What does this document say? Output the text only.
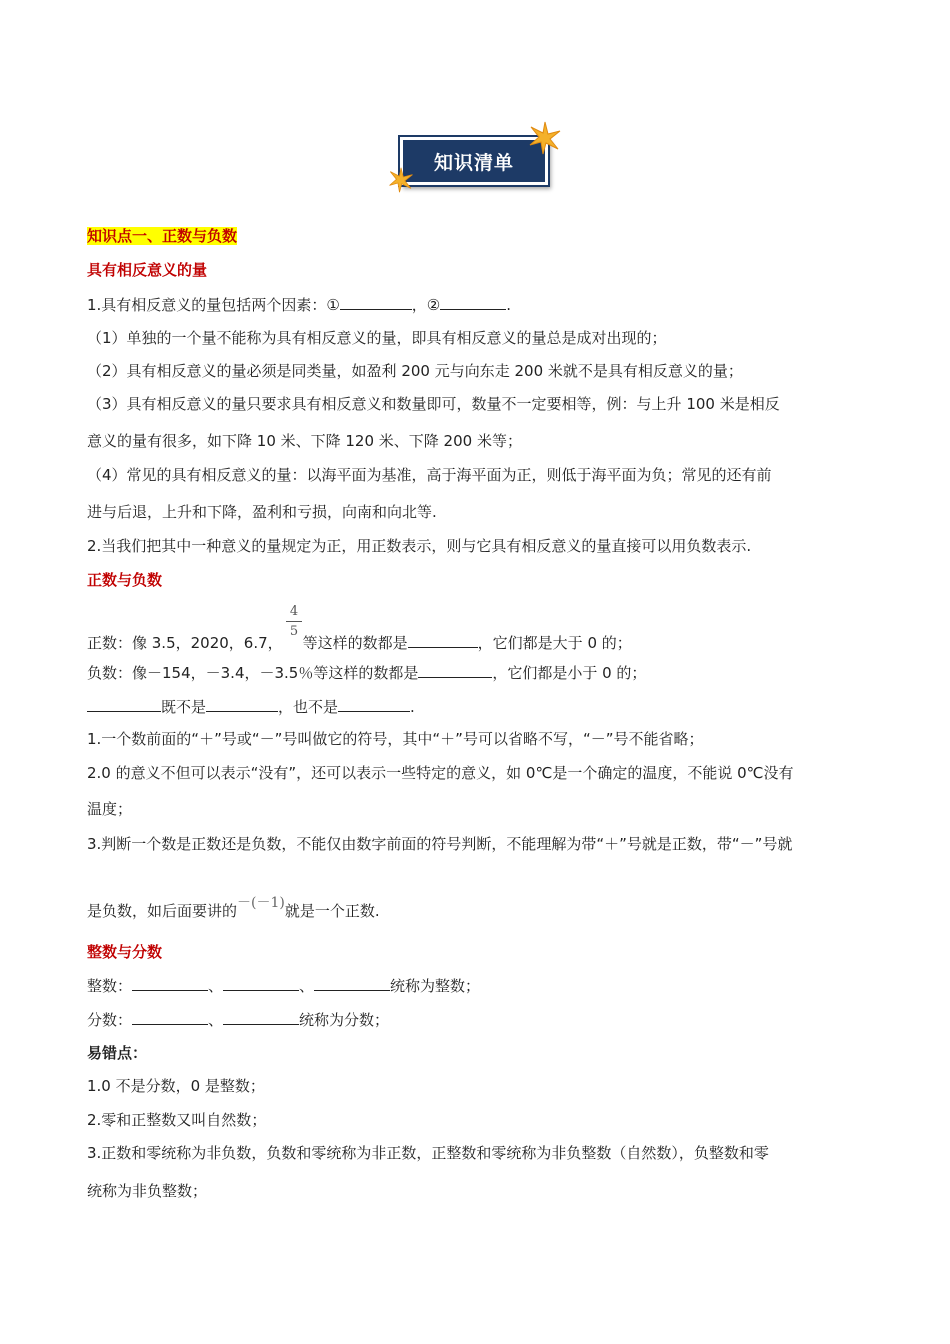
知识清单
知识点一、正数与负数
具有相反意义的量
1.具有相反意义的量包括两个因素：①	，②	.
（1）单独的一个量不能称为具有相反意义的量，即具有相反意义的量总是成对出现的；
（2）具有相反意义的量必须是同类量，如盈利 200 元与向东走 200 米就不是具有相反意义的量；
（3）具有相反意义的量只要求具有相反意义和数量即可，数量不一定要相等，例：与上升 100 米是相反
意义的量有很多，如下降 10 米、下降 120 米、下降 200 米等；
（4）常见的具有相反意义的量：以海平面为基准，高于海平面为正，则低于海平面为负；常见的还有前
进与后退，上升和下降，盈利和亏损，向南和向北等.
2.当我们把其中一种意义的量规定为正，用正数表示，则与它具有相反意义的量直接可以用负数表示.
正数与负数
4
5
正数：像 3.5，2020，6.7， 等这样的数都是	，它们都是大于 0 的；
负数：像－154，－3.4，－3.5％等这样的数都是	，它们都是小于 0 的；
既不是	，也不是	.
1.一个数前面的“＋”号或“－”号叫做它的符号，其中“＋”号可以省略不写，“－”号不能省略；
2.0 的意义不但可以表示“没有”，还可以表示一些特定的意义，如 0℃是一个确定的温度，不能说 0℃没有
温度；
3.判断一个数是正数还是负数，不能仅由数字前面的符号判断，不能理解为带“＋”号就是正数，带“－”号就
是负数，如后面要讲的－(－1)就是一个正数.
整数与分数
整数：	、	、	统称为整数；
分数：	、	统称为分数；
易错点：
1.0 不是分数，0 是整数；
2.零和正整数又叫自然数；
3.正数和零统称为非负数，负数和零统称为非正数，正整数和零统称为非负整数（自然数），负整数和零
统称为非负整数；
